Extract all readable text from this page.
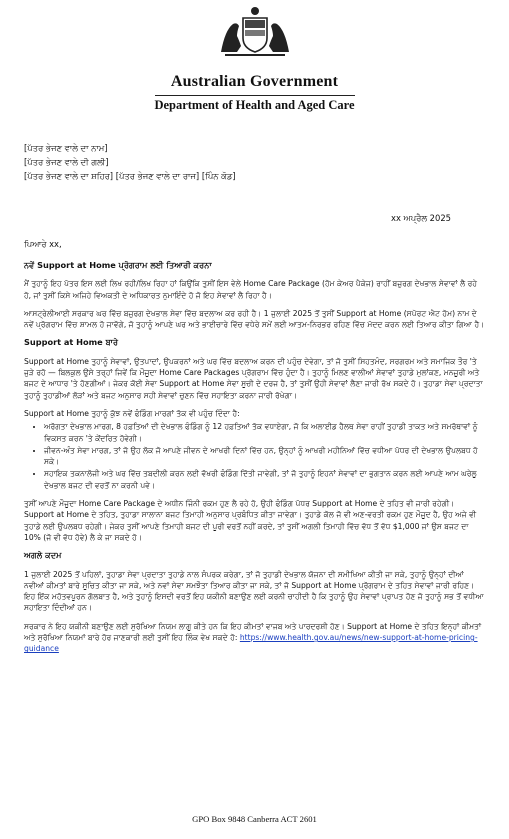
Australian Government
Department of Health and Aged Care
[ਪੱਤਰ ਭੇਜਣ ਵਾਲੇ ਦਾ ਨਾਮ]
[ਪੱਤਰ ਭੇਜਣ ਵਾਲੇ ਦੀ ਗਲੀ]
[ਪੱਤਰ ਭੇਜਣ ਵਾਲੇ ਦਾ ਸ਼ਹਿਰ] [ਪੱਤਰ ਭੇਜਣ ਵਾਲੇ ਦਾ ਰਾਜ] [ਪਿੰਨ ਕੋਡ]
xx ਅਪ੍ਰੈਲ 2025
ਪਿਆਰੇ xx,

ਨਵੇਂ Support at Home ਪ੍ਰੋਗਰਾਮ ਲਈ ਤਿਆਰੀ ਕਰਨਾ

ਮੈਂ ਤੁਹਾਨੂੰ ਇਹ ਪੱਤਰ ਇਸ ਲਈ ਲਿਖ ਰਹੀ/ਲਿਖ ਰਿਹਾ ਹਾਂ ਕਿਉਂਕਿ ਤੁਸੀਂ ਇਸ ਵੇਲੇ Home Care Package (ਹੋਮ ਕੇਅਰ ਪੈਕੇਜ) ਰਾਹੀਂ ਬਜ਼ੁਰਗ ਦੇਖਭਾਲ ਸੇਵਾਵਾਂ ਲੈ ਰਹੇ ਹੋ, ਜਾਂ ਤੁਸੀਂ ਕਿਸੇ ਅਜਿਹੇ ਵਿਅਕਤੀ ਦੇ ਅਧਿਕਾਰਤ ਨੁਮਾਇੰਦੇ ਹੋ ਜੋ ਇਹ ਸੇਵਾਵਾਂ ਲੈ ਰਿਹਾ ਹੈ।

ਆਸਟ੍ਰੇਲੀਆਈ ਸਰਕਾਰ ਘਰ ਵਿੱਚ ਬਜ਼ੁਰਗ ਦੇਖਭਾਲ ਸੇਵਾ ਵਿੱਚ ਬਦਲਾਅ ਕਰ ਰਹੀ ਹੈ। 1 ਜੁਲਾਈ 2025 ਤੋਂ ਤੁਸੀਂ Support at Home (ਸਪੋਰਟ ਐਟ ਹੋਮ) ਨਾਮ ਦੇ ਨਵੇਂ ਪ੍ਰੋਗਰਾਮ ਵਿੱਚ ਸ਼ਾਮਲ ਹੋ ਜਾਵੋਗੇ, ਜੋ ਤੁਹਾਨੂੰ ਆਪਣੇ ਘਰ ਅਤੇ ਭਾਈਚਾਰੇ ਵਿੱਚ ਵਧੇਰੇ ਸਮੇਂ ਲਈ ਆਤਮ-ਨਿਰਭਰ ਰਹਿਣ ਵਿੱਚ ਮੱਦਦ ਕਰਨ ਲਈ ਤਿਆਰ ਕੀਤਾ ਗਿਆ ਹੈ।

Support at Home ਬਾਰੇ

Support at Home ਤੁਹਾਨੂੰ ਸੇਵਾਵਾਂ, ਉਤਪਾਦਾਂ, ਉਪਕਰਨਾਂ ਅਤੇ ਘਰ ਵਿੱਚ ਬਦਲਾਅ ਕਰਨ ਦੀ ਪਹੁੰਚ ਦੇਵੇਗਾ, ਤਾਂ ਜੋ ਤੁਸੀਂ ਸਿਹਤਮੰਦ, ਸਰਗਰਮ ਅਤੇ ਸਮਾਜਿਕ ਤੌਰ 'ਤੇ ਜੁੜੇ ਰਹੋ — ਬਿਲਕੁਲ ਉਸੇ ਤਰ੍ਹਾਂ ਜਿਵੇਂ ਕਿ ਮੌਜੂਦਾ Home Care Packages ਪ੍ਰੋਗਰਾਮ ਵਿੱਚ ਹੁੰਦਾ ਹੈ। ਤੁਹਾਨੂੰ ਮਿਲਣ ਵਾਲੀਆਂ ਸੇਵਾਵਾਂ ਤੁਹਾਡੇ ਮੁਲਾਂਕਣ, ਮਨਜ਼ੂਰੀ ਅਤੇ ਬਜਟ ਦੇ ਆਧਾਰ 'ਤੇ ਹੋਣਗੀਆਂ। ਜੇਕਰ ਕੋਈ ਸੇਵਾ Support at Home ਸੇਵਾ ਸੂਚੀ ਦੇ ਦਰਜ ਹੈ, ਤਾਂ ਤੁਸੀਂ ਉਹੀ ਸੇਵਾਵਾਂ ਲੈਣਾ ਜਾਰੀ ਰੱਖ ਸਕਦੇ ਹੋ। ਤੁਹਾਡਾ ਸੇਵਾ ਪ੍ਰਦਾਤਾ ਤੁਹਾਨੂੰ ਤੁਹਾਡੀਆਂ ਲੋੜਾਂ ਅਤੇ ਬਜਟ ਅਨੁਸਾਰ ਸਹੀ ਸੇਵਾਵਾਂ ਚੁਣਨ ਵਿੱਚ ਸਹਾਇਤਾ ਕਰਨਾ ਜਾਰੀ ਰੱਖੇਗਾ।

Support at Home ਤੁਹਾਨੂੰ ਕੁੱਝ ਨਵੇਂ ਫੰਡਿੰਗ ਮਾਰਗਾਂ ਤੱਕ ਵੀ ਪਹੁੰਚ ਦਿੰਦਾ ਹੈ:

• ਅਰੋਗਤਾ ਦੇਖਭਾਲ ਮਾਰਗ, 8 ਹਫ਼ਤਿਆਂ ਦੀ ਦੇਖਭਾਲ ਫੰਡਿੰਗ ਨੂੰ 12 ਹਫ਼ਤਿਆਂ ਤੱਕ ਵਧਾਏਗਾ, ਜੋ ਕਿ ਅਲਾਈਡ ਹੈਲਥ ਸੇਵਾ ਰਾਹੀਂ ਤੁਹਾਡੀ ਤਾਕਤ ਅਤੇ ਸਮਰੱਥਾਵਾਂ ਨੂੰ ਵਿਕਸਤ ਕਰਨ 'ਤੇ ਕੇਂਦਰਿਤ ਹੋਵੇਗੀ।
• ਜੀਵਨ-ਅੰਤ ਸੇਵਾ ਮਾਰਗ, ਤਾਂ ਜੋ ਉਹ ਲੋਕ ਜੋ ਆਪਣੇ ਜੀਵਨ ਦੇ ਆਖਰੀ ਦਿਨਾਂ ਵਿੱਚ ਹਨ, ਉਨ੍ਹਾਂ ਨੂੰ ਆਖਰੀ ਮਹੀਨਿਆਂ ਵਿੱਚ ਵਧੀਆ ਪੱਧਰ ਦੀ ਦੇਖਭਾਲ ਉਪਲਬਧ ਹੋ ਸਕੇ।
• ਸਹਾਇਕ ਤਕਨਾਲੋਜੀ ਅਤੇ ਘਰ ਵਿੱਚ ਤਬਦੀਲੀ ਕਰਨ ਲਈ ਵੱਖਰੀ ਫੰਡਿੰਗ ਦਿੱਤੀ ਜਾਵੇਗੀ, ਤਾਂ ਜੋ ਤੁਹਾਨੂੰ ਇਹਨਾਂ ਸੇਵਾਵਾਂ ਦਾ ਭੁਗਤਾਨ ਕਰਨ ਲਈ ਆਪਣੇ ਆਮ ਘਰੇਲੂ ਦੇਖਭਾਲ ਬਜਟ ਦੀ ਵਰਤੋਂ ਨਾ ਕਰਨੀ ਪਵੇ।

ਤੁਸੀਂ ਆਪਣੇ ਮੌਜੂਦਾ Home Care Package ਦੇ ਅਧੀਨ ਜਿੰਨੀ ਰਕਮ ਹੁਣ ਲੈ ਰਹੇ ਹੋ, ਉਹੀ ਫੰਡਿੰਗ ਪੱਧਰ Support at Home ਦੇ ਤਹਿਤ ਵੀ ਜਾਰੀ ਰਹੇਗੀ। Support at Home ਦੇ ਤਹਿਤ, ਤੁਹਾਡਾ ਸਾਲਾਨਾ ਬਜਟ ਤਿਮਾਹੀ ਅਨੁਸਾਰ ਪ੍ਰਬੰਧਿਤ ਕੀਤਾ ਜਾਵੇਗਾ। ਤੁਹਾਡੇ ਕੋਲ ਜੋ ਵੀ ਅਣ-ਵਰਤੀ ਰਕਮ ਹੁਣ ਮੌਜੂਦ ਹੈ, ਉਹ ਅਜੇ ਵੀ ਤੁਹਾਡੇ ਲਈ ਉਪਲਬਧ ਰਹੇਗੀ। ਜੇਕਰ ਤੁਸੀਂ ਆਪਣੇ ਤਿਮਾਹੀ ਬਜਟ ਦੀ ਪੂਰੀ ਵਰਤੋਂ ਨਹੀਂ ਕਰਦੇ, ਤਾਂ ਤੁਸੀਂ ਅਗਲੀ ਤਿਮਾਹੀ ਵਿੱਚ ਵੱਧ ਤੋਂ ਵੱਧ $1,000 ਜਾਂ ਉਸ ਬਜਟ ਦਾ 10% (ਜੋ ਵੀ ਵੱਧ ਹੋਵੇ) ਲੈ ਕੇ ਜਾ ਸਕਦੇ ਹੋ।

ਅਗਲੇ ਕਦਮ

1 ਜੁਲਾਈ 2025 ਤੋਂ ਪਹਿਲਾਂ, ਤੁਹਾਡਾ ਸੇਵਾ ਪ੍ਰਦਾਤਾ ਤੁਹਾਡੇ ਨਾਲ ਸੰਪਰਕ ਕਰੇਗਾ, ਤਾਂ ਜੋ ਤੁਹਾਡੀ ਦੇਖਭਾਲ ਯੋਜਨਾ ਦੀ ਸਮੀਖਿਆ ਕੀਤੀ ਜਾ ਸਕੇ, ਤੁਹਾਨੂੰ ਉਨ੍ਹਾਂ ਦੀਆਂ ਨਵੀਆਂ ਕੀਮਤਾਂ ਬਾਰੇ ਸੂਚਿਤ ਕੀਤਾ ਜਾ ਸਕੇ, ਅਤੇ ਨਵਾਂ ਸੇਵਾ ਸਮਝੌਤਾ ਤਿਆਰ ਕੀਤਾ ਜਾ ਸਕੇ, ਤਾਂ ਜੋ Support at Home ਪ੍ਰੋਗਰਾਮ ਦੇ ਤਹਿਤ ਸੇਵਾਵਾਂ ਜਾਰੀ ਰਹਿਣ। ਇਹ ਇੱਕ ਮਹੱਤਵਪੂਰਨ ਗੱਲਬਾਤ ਹੈ, ਅਤੇ ਤੁਹਾਨੂੰ ਇਸਦੀ ਵਰਤੋਂ ਇਹ ਯਕੀਨੀ ਬਣਾਉਣ ਲਈ ਕਰਨੀ ਚਾਹੀਦੀ ਹੈ ਕਿ ਤੁਹਾਨੂੰ ਉਹ ਸੇਵਾਵਾਂ ਪ੍ਰਾਪਤ ਹੋਣ ਜੋ ਤੁਹਾਨੂੰ ਸਭ ਤੋਂ ਵਧੀਆ ਸਹਾਇਤਾ ਦਿੰਦੀਆਂ ਹਨ।

ਸਰਕਾਰ ਨੇ ਇਹ ਯਕੀਨੀ ਬਣਾਉਣ ਲਈ ਸੁਰੱਖਿਆ ਨਿਯਮ ਲਾਗੂ ਕੀਤੇ ਹਨ ਕਿ ਇਹ ਕੀਮਤਾਂ ਵਾਜਬ ਅਤੇ ਪਾਰਦਰਸ਼ੀ ਹੋਣ। Support at Home ਦੇ ਤਹਿਤ ਇਨ੍ਹਾਂ ਕੀਮਤਾਂ ਅਤੇ ਸੁਰੱਖਿਆ ਨਿਯਮਾਂ ਬਾਰੇ ਹੋਰ ਜਾਣਕਾਰੀ ਲਈ ਤੁਸੀਂ ਇਹ ਲਿੰਕ ਵੇਖ ਸਕਦੇ ਹੋ: https://www.health.gov.au/news/new-support-at-home-pricing-guidance

GPO Box 9848 Canberra ACT 2601
